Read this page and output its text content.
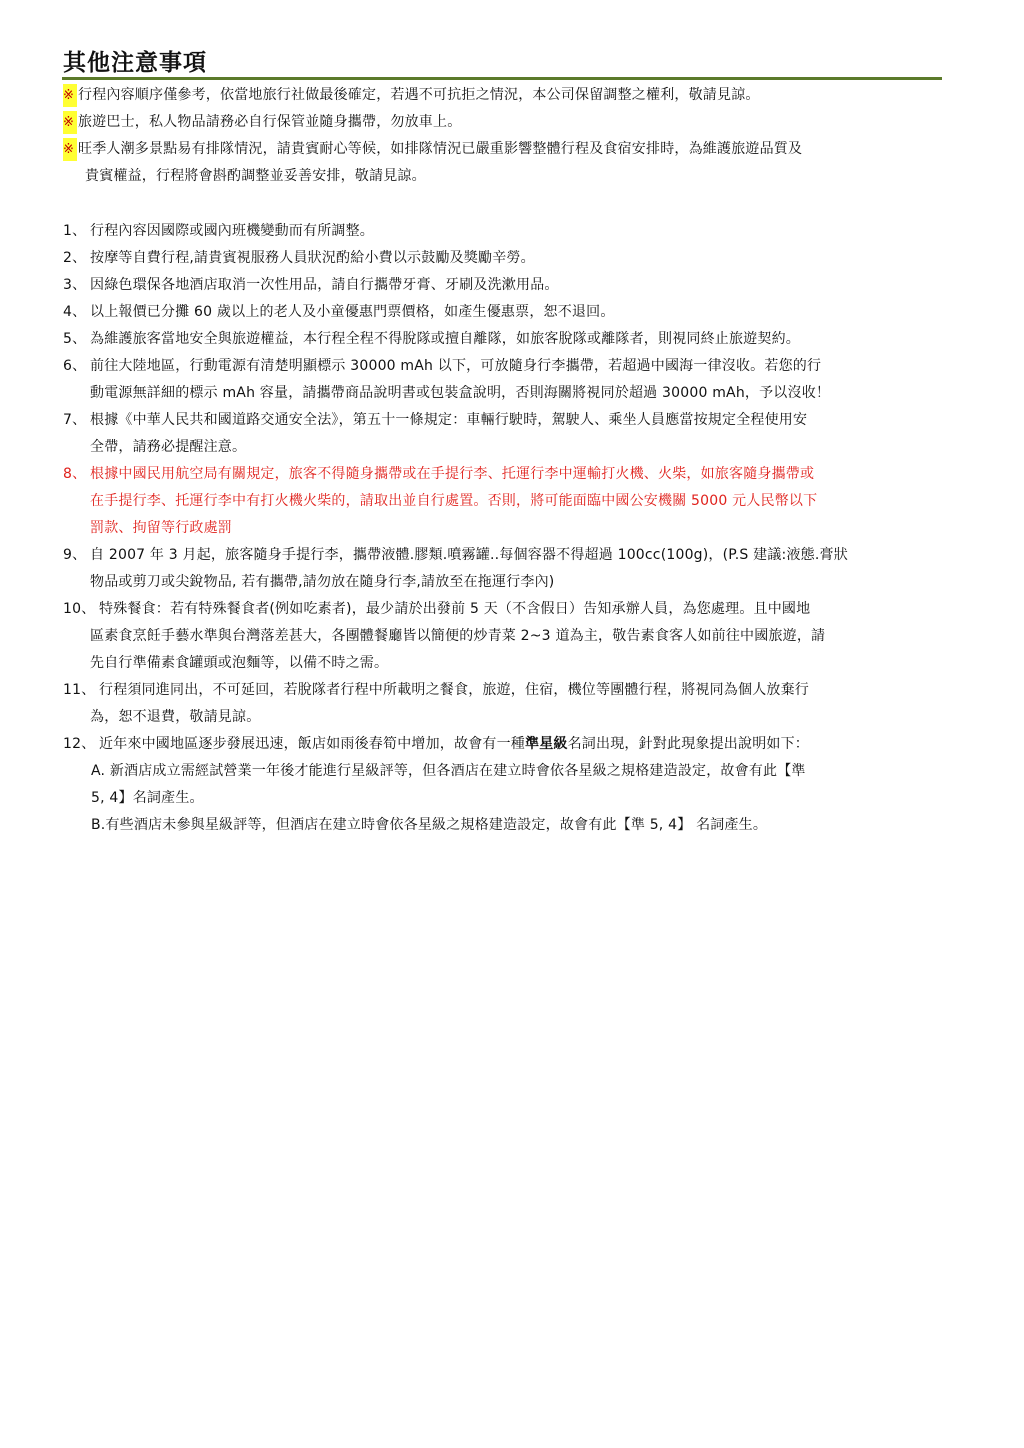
其他注意事項
※ 行程內容順序僅參考，依當地旅行社做最後確定，若遇不可抗拒之情況，本公司保留調整之權利，敬請見諒。
※ 旅遊巴士，私人物品請務必自行保管並隨身攜帶，勿放車上。
※ 旺季人潮多景點易有排隊情況，請貴賓耐心等候，如排隊情況已嚴重影響整體行程及食宿安排時，為維護旅遊品質及
貴賓權益，行程將會斟酌調整並妥善安排，敬請見諒。
1、 行程內容因國際或國內班機變動而有所調整。
2、 按摩等自費行程,請貴賓視服務人員狀況酌給小費以示鼓勵及獎勵辛勞。
3、 因綠色環保各地酒店取消一次性用品，請自行攜帶牙膏、牙刷及洗漱用品。
4、 以上報價已分攤 60 歲以上的老人及小童優惠門票價格，如產生優惠票，恕不退回。
5、 為維護旅客當地安全與旅遊權益，本行程全程不得脫隊或擅自離隊，如旅客脫隊或離隊者，則視同終止旅遊契約。
6、 前往大陸地區，行動電源有清楚明顯標示 30000 mAh 以下，可放隨身行李攜帶，若超過中國海一律沒收。若您的行
動電源無詳細的標示 mAh 容量，請攜帶商品說明書或包裝盒說明，否則海關將視同於超過 30000 mAh，予以沒收！
7、 根據《中華人民共和國道路交通安全法》，第五十一條規定：車輛行駛時，駕駛人、乘坐人員應當按規定全程使用安
全帶，請務必提醒注意。
8、 根據中國民用航空局有關規定，旅客不得隨身攜帶或在手提行李、托運行李中運輸打火機、火柴，如旅客隨身攜帶或
在手提行李、托運行李中有打火機火柴的，請取出並自行處置。否則，將可能面臨中國公安機關 5000 元人民幣以下
罰款、拘留等行政處罰
9、 自 2007 年 3 月起，旅客隨身手提行李，攜帶液體.膠類.噴霧罐..每個容器不得超過 100cc(100g)，(P.S 建議:液態.膏狀
物品或剪刀或尖銳物品, 若有攜帶,請勿放在隨身行李,請放至在拖運行李內)
10、 特殊餐食：若有特殊餐食者(例如吃素者)，最少請於出發前 5 天（不含假日）告知承辦人員，為您處理。且中國地
區素食烹飪手藝水準與台灣落差甚大，各團體餐廳皆以簡便的炒青菜 2~3 道為主，敬告素食客人如前往中國旅遊，請
先自行準備素食罐頭或泡麵等，以備不時之需。
11、 行程須同進同出，不可延回，若脫隊者行程中所載明之餐食，旅遊，住宿，機位等團體行程，將視同為個人放棄行
為，恕不退費，敬請見諒。
12、 近年來中國地區逐步發展迅速，飯店如雨後春筍中增加，故會有一種準星級名詞出現，針對此現象提出說明如下：
A. 新酒店成立需經試營業一年後才能進行星級評等，但各酒店在建立時會依各星級之規格建造設定，故會有此【準
5, 4】名詞產生。
B.有些酒店未參與星級評等，但酒店在建立時會依各星級之規格建造設定，故會有此【準 5, 4】 名詞產生。
